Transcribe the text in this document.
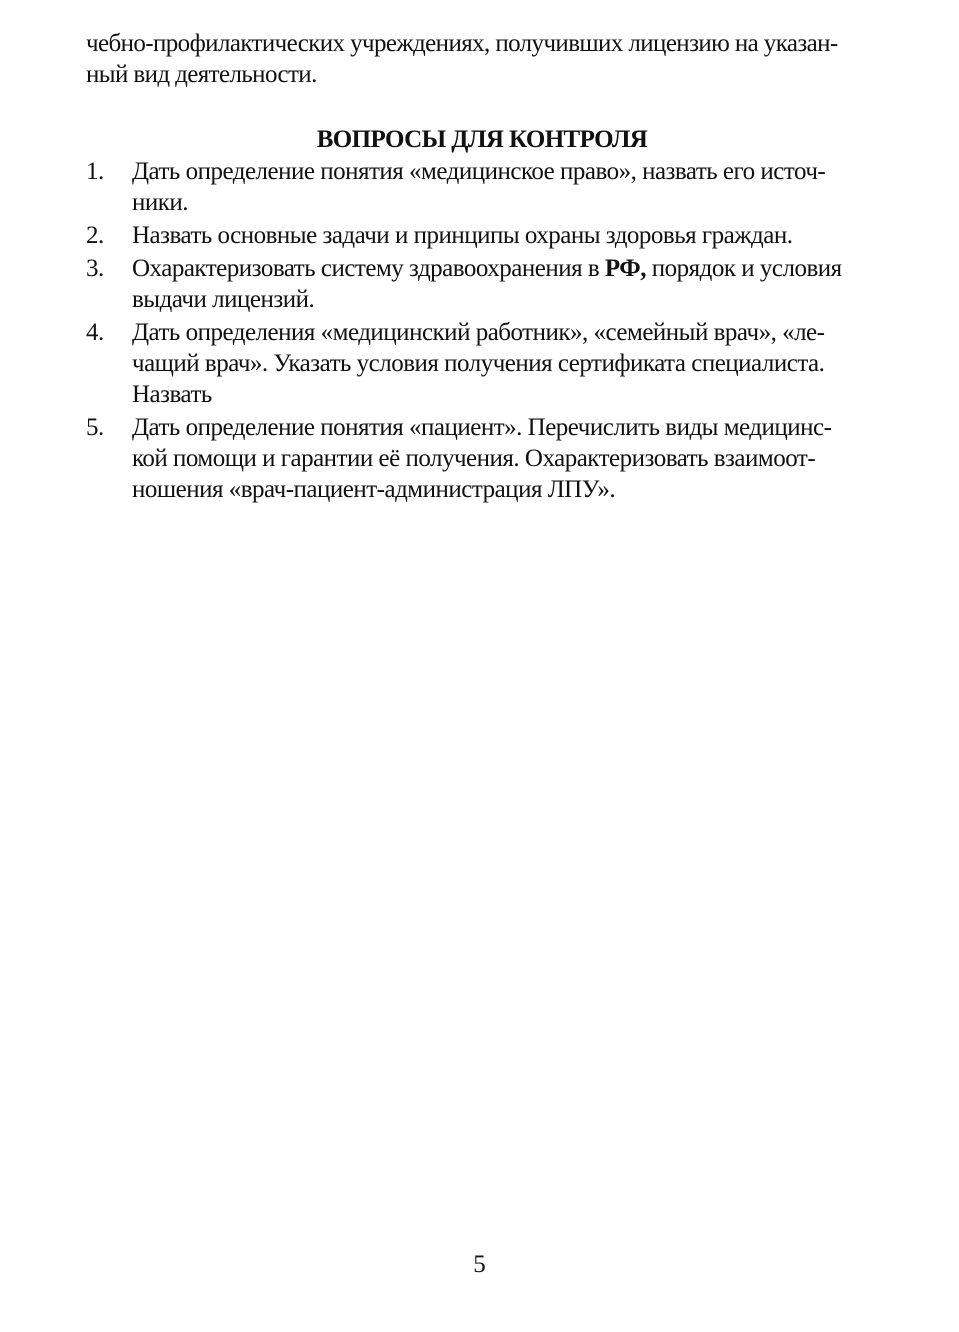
чебно-профилактических учреждениях, получивших лицензию на указан-
ный вид деятельности.

ВОПРОСЫ ДЛЯ КОНТРОЛЯ
1.	Дать определение понятия «медицинское право», назвать его источ-
ники.
2.	Назвать основные задачи и принципы охраны здоровья граждан.
3.	Охарактеризовать систему здравоохранения в РФ, порядок и условия
выдачи лицензий.
4.	Дать определения «медицинский работник», «семейный врач», «ле-
чащий врач». Указать условия получения сертификата специалиста.
Назвать
5.	Дать определение понятия «пациент». Перечислить виды медицинс-
кой помощи и гарантии её получения. Охарактеризовать взаимоот-
ношения «врач-пациент-администрация ЛПУ».
5
